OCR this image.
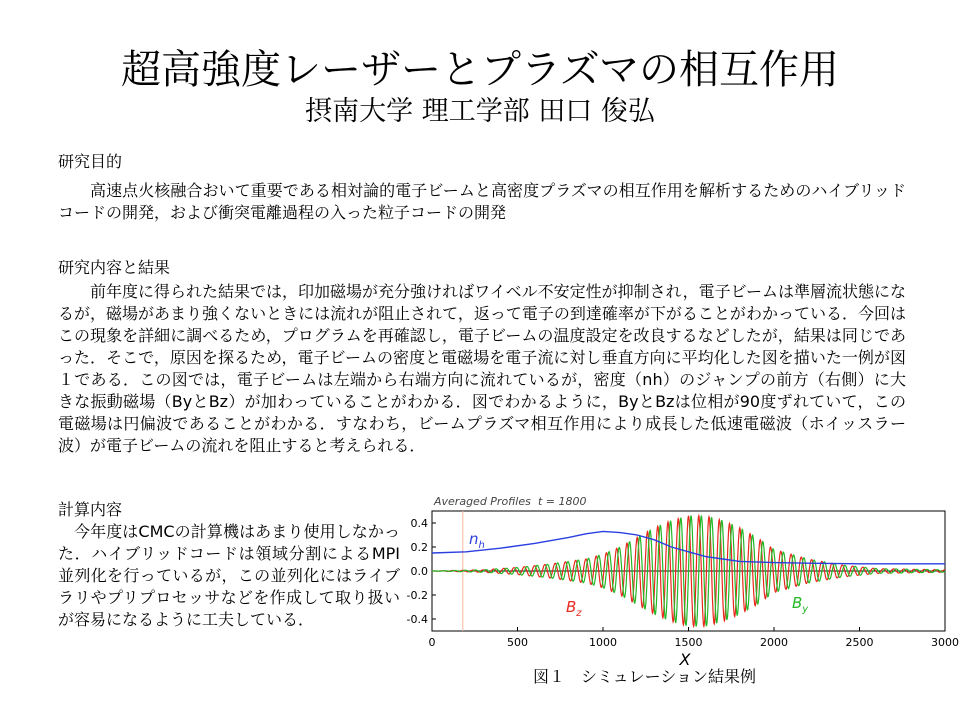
超高強度レーザーとプラズマの相互作用
摂南大学 理工学部 田口 俊弘
研究目的
高速点火核融合おいて重要である相対論的電子ビームと高密度プラズマの相互作用を解析するためのハイブリッドコードの開発，および衝突電離過程の入った粒子コードの開発
研究内容と結果
前年度に得られた結果では，印加磁場が充分強ければワイベル不安定性が抑制され，電子ビームは準層流状態になるが，磁場があまり強くないときには流れが阻止されて，返って電子の到達確率が下がることがわかっている．今回はこの現象を詳細に調べるため，プログラムを再確認し，電子ビームの温度設定を改良するなどしたが，結果は同じであった．そこで，原因を探るため，電子ビームの密度と電磁場を電子流に対し垂直方向に平均化した図を描いた一例が図１である．この図では，電子ビームは左端から右端方向に流れているが，密度（nh）のジャンプの前方（右側）に大きな振動磁場（ByとBz）が加わっていることがわかる．図でわかるように，ByとBzは位相が90度ずれていて，この電磁場は円偏波であることがわかる．すなわち，ビームプラズマ相互作用により成長した低速電磁波（ホイッスラー波）が電子ビームの流れを阻止すると考えられる．
計算内容
今年度はCMCの計算機はあまり使用しなかった．ハイブリッドコードは領域分割によるMPI並列化を行っているが，この並列化にはライブラリやプリプロセッサなどを作成して取り扱いが容易になるように工夫している．
Averaged Profiles t = 1800
0	500	1000	1500	2000	2500	3000
0.4
0.2
0.0
-0.2
-0.4
$n_h$
$B_z$
$B_y$
X
図１　シミュレーション結果例
